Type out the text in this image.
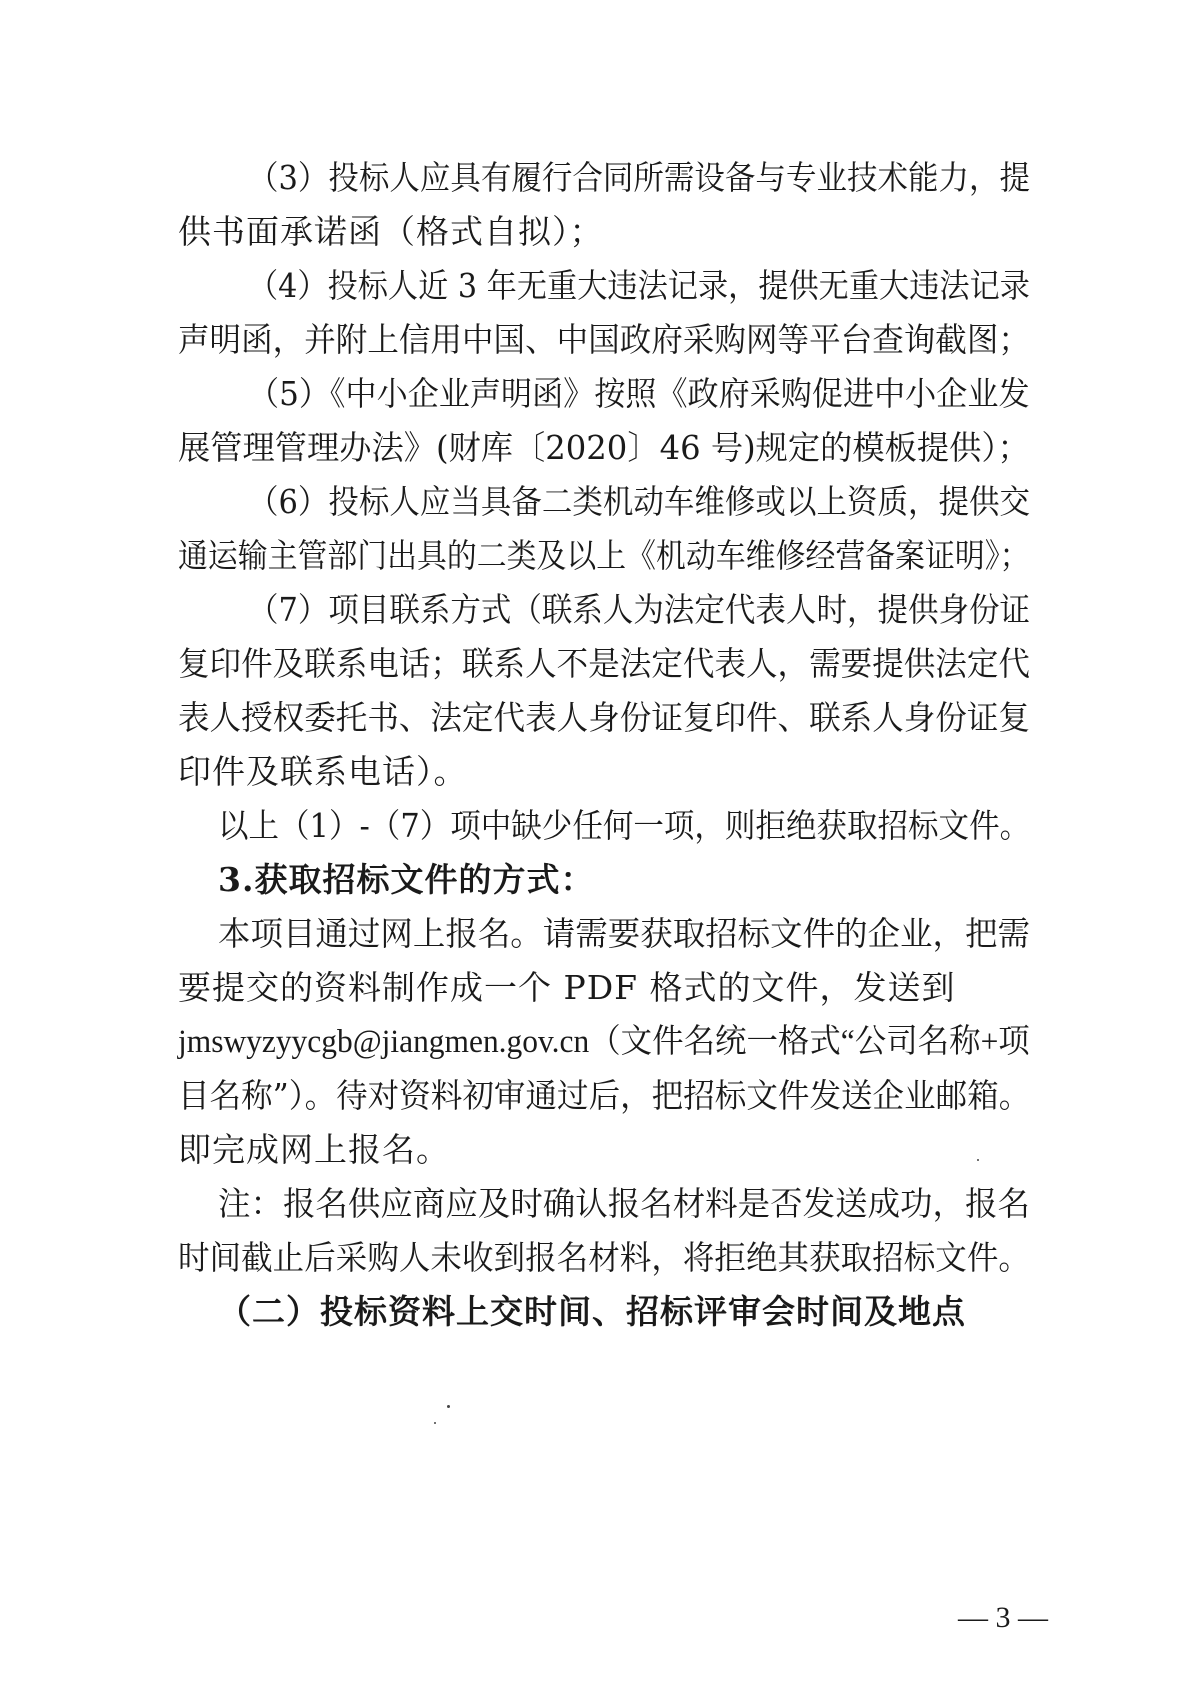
（3）投标人应具有履行合同所需设备与专业技术能力，提
供书面承诺函（格式自拟）；
（4）投标人近 3 年无重大违法记录，提供无重大违法记录
声明函，并附上信用中国、中国政府采购网等平台查询截图；
（5）《中小企业声明函》按照《政府采购促进中小企业发
展管理管理办法》(财库〔2020〕46 号)规定的模板提供）；
（6）投标人应当具备二类机动车维修或以上资质，提供交
通运输主管部门出具的二类及以上《机动车维修经营备案证明》；
（7）项目联系方式（联系人为法定代表人时，提供身份证
复印件及联系电话；联系人不是法定代表人，需要提供法定代
表人授权委托书、法定代表人身份证复印件、联系人身份证复
印件及联系电话）。
以上（1）-（7）项中缺少任何一项，则拒绝获取招标文件。
3.获取招标文件的方式：
本项目通过网上报名。请需要获取招标文件的企业，把需
要提交的资料制作成一个 PDF 格式的文件，发送到
jmswyzyycgb@jiangmen.gov.cn（文件名统一格式“公司名称+项
目名称”）。待对资料初审通过后，把招标文件发送企业邮箱。
即完成网上报名。
注：报名供应商应及时确认报名材料是否发送成功，报名
时间截止后采购人未收到报名材料，将拒绝其获取招标文件。
（二）投标资料上交时间、招标评审会时间及地点
— 3 —
